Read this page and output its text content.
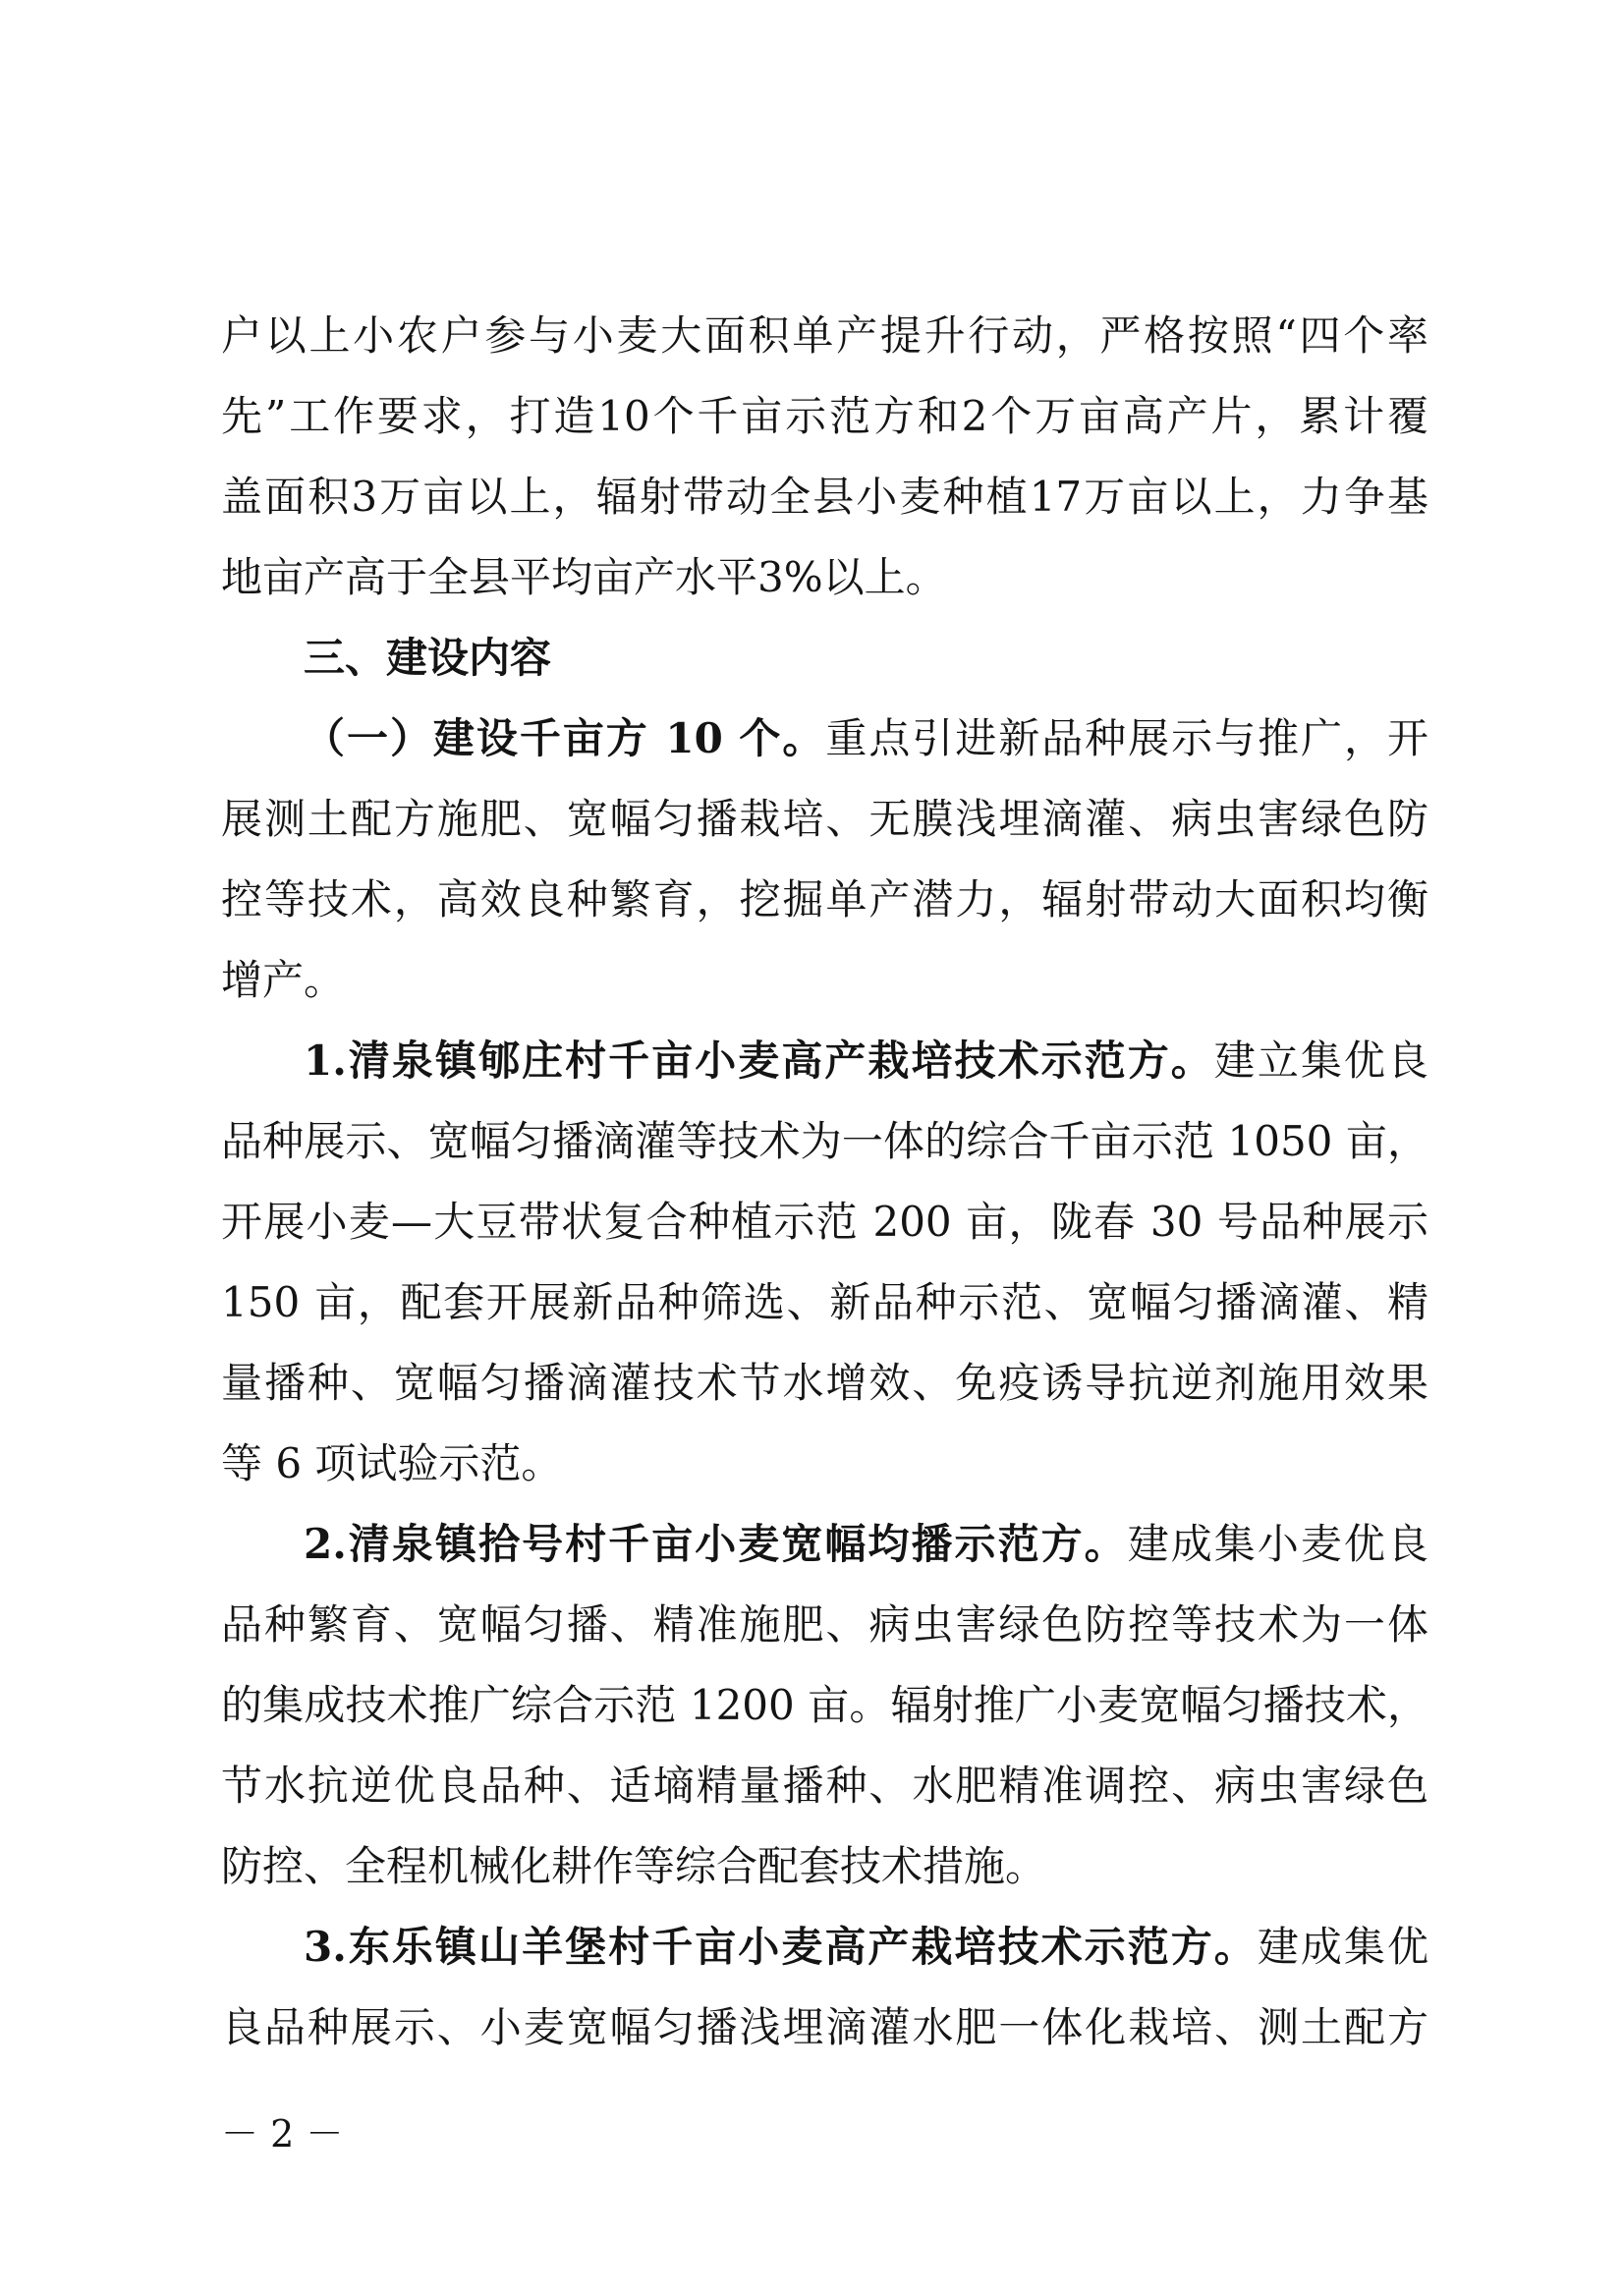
户以上小农户参与小麦大面积单产提升行动，严格按照“四个率
先”工作要求，打造10个千亩示范方和2个万亩高产片，累计覆
盖面积3万亩以上，辐射带动全县小麦种植17万亩以上，力争基
地亩产高于全县平均亩产水平3%以上。
三、建设内容
（一）建设千亩方 10 个。重点引进新品种展示与推广，开
展测土配方施肥、宽幅匀播栽培、无膜浅埋滴灌、病虫害绿色防
控等技术，高效良种繁育，挖掘单产潜力，辐射带动大面积均衡
增产。
1.清泉镇郇庄村千亩小麦高产栽培技术示范方。建立集优良
品种展示、宽幅匀播滴灌等技术为一体的综合千亩示范 1050 亩，
开展小麦—大豆带状复合种植示范 200 亩，陇春 30 号品种展示
150 亩，配套开展新品种筛选、新品种示范、宽幅匀播滴灌、精
量播种、宽幅匀播滴灌技术节水增效、免疫诱导抗逆剂施用效果
等 6 项试验示范。
2.清泉镇拾号村千亩小麦宽幅均播示范方。建成集小麦优良
品种繁育、宽幅匀播、精准施肥、病虫害绿色防控等技术为一体
的集成技术推广综合示范 1200 亩。辐射推广小麦宽幅匀播技术，
节水抗逆优良品种、适墒精量播种、水肥精准调控、病虫害绿色
防控、全程机械化耕作等综合配套技术措施。
3.东乐镇山羊堡村千亩小麦高产栽培技术示范方。建成集优
良品种展示、小麦宽幅匀播浅埋滴灌水肥一体化栽培、测土配方
－ 2 －
